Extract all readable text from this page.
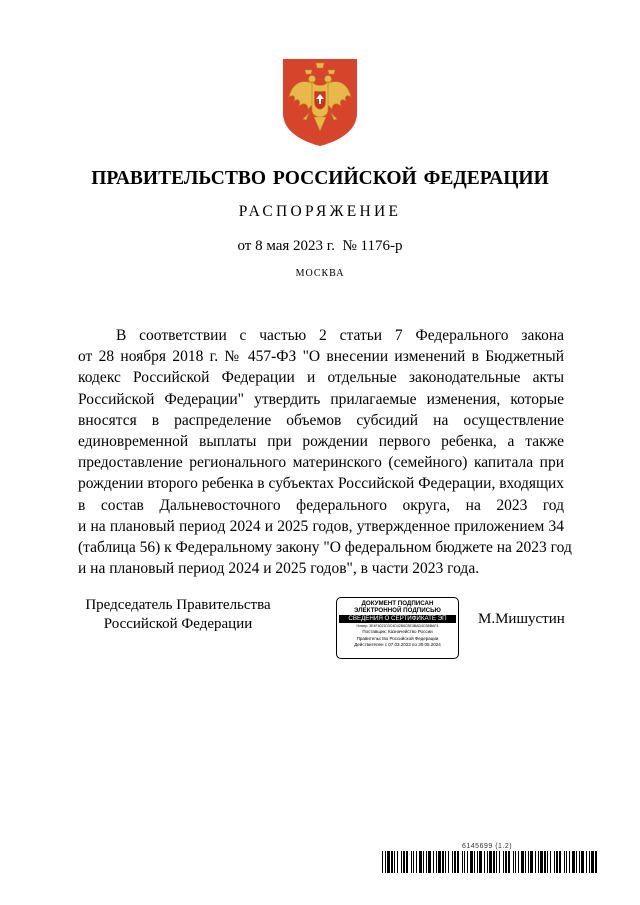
ПРАВИТЕЛЬСТВО РОССИЙСКОЙ ФЕДЕРАЦИИ
РАСПОРЯЖЕНИЕ
от 8 мая 2023 г.  № 1176-р
МОСКВА
В соответствии с частью 2 статьи 7 Федерального закона
от 28 ноября 2018 г. № 457-ФЗ "О внесении изменений в Бюджетный
кодекс Российской Федерации и отдельные законодательные акты
Российской Федерации" утвердить прилагаемые изменения, которые
вносятся в распределение объемов субсидий на осуществление
единовременной выплаты при рождении первого ребенка, а также
предоставление регионального материнского (семейного) капитала при
рождении второго ребенка в субъектах Российской Федерации, входящих
в состав Дальневосточного федерального округа, на 2023 год
и на плановый период 2024 и 2025 годов, утвержденное приложением 34
(таблица 56) к Федеральному закону "О федеральном бюджете на 2023 год
и на плановый период 2024 и 2025 годов", в части 2023 года.
Председатель Правительства
Российской Федерации
ДОКУМЕНТ ПОДПИСАН
ЭЛЕКТРОННОЙ ПОДПИСЬЮ
СВЕДЕНИЯ О СЕРТИФИКАТЕ ЭП
Номер: 3E4F4021D3C4D42B6C8E3BAD4CB5BAF4
Поставщик: Казначейство России
Правительство Российской Федерации
Действителен с 07.03.2023 по 30.05.2024
М.Мишустин
6145699 (1.2)
